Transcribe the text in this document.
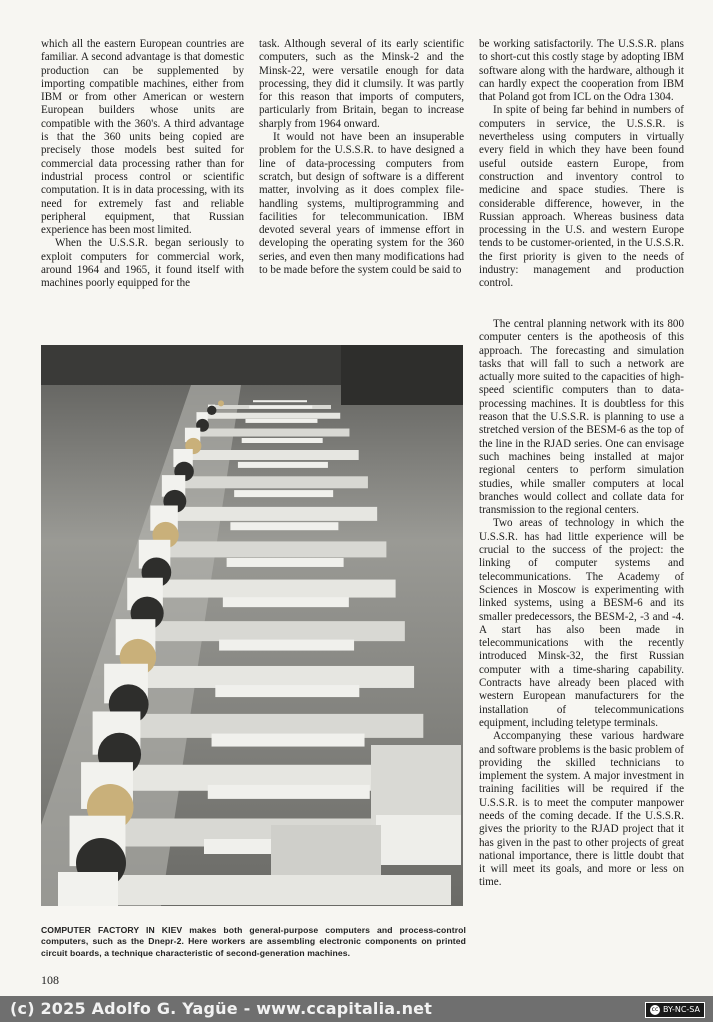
which all the eastern European countries are familiar. A second advantage is that domestic production can be supplemented by importing compatible machines, either from IBM or from other American or western European builders whose units are compatible with the 360's. A third advantage is that the 360 units being copied are precisely those models best suited for commercial data processing rather than for industrial process control or scientific computation. It is in data processing, with its need for extremely fast and reliable peripheral equipment, that Russian experience has been most limited.

When the U.S.S.R. began seriously to exploit computers for commercial work, around 1964 and 1965, it found itself with machines poorly equipped for the

task. Although several of its early scientific computers, such as the Minsk-2 and the Minsk-22, were versatile enough for data processing, they did it clumsily. It was partly for this reason that imports of computers, particularly from Britain, began to increase sharply from 1964 onward.

It would not have been an insuperable problem for the U.S.S.R. to have designed a line of data-processing computers from scratch, but design of software is a different matter, involving as it does complex file-handling systems, multiprogramming and facilities for telecommunication. IBM devoted several years of immense effort in developing the operating system for the 360 series, and even then many modifications had to be made before the system could be said to

be working satisfactorily. The U.S.S.R. plans to short-cut this costly stage by adopting IBM software along with the hardware, although it can hardly expect the cooperation from IBM that Poland got from ICL on the Odra 1304.

In spite of being far behind in numbers of computers in service, the U.S.S.R. is nevertheless using computers in virtually every field in which they have been found useful outside eastern Europe, from construction and inventory control to medicine and space studies. There is considerable difference, however, in the Russian approach. Whereas business data processing in the U.S. and western Europe tends to be customer-oriented, in the U.S.S.R. the first priority is given to the needs of industry: management and production control.

The central planning network with its 800 computer centers is the apotheosis of this approach. The forecasting and simulation tasks that will fall to such a network are actually more suited to the capacities of high-speed scientific computers than to data-processing machines. It is doubtless for this reason that the U.S.S.R. is planning to use a stretched version of the BESM-6 as the top of the line in the RJAD series. One can envisage such machines being installed at major regional centers to perform simulation studies, while smaller computers at local branches would collect and collate data for transmission to the regional centers.

Two areas of technology in which the U.S.S.R. has had little experience will be crucial to the success of the project: the linking of computer systems and telecommunications. The Academy of Sciences in Moscow is experimenting with linked systems, using a BESM-6 and its smaller predecessors, the BESM-2, -3 and -4. A start has also been made in telecommunications with the recently introduced Minsk-32, the first Russian computer with a time-sharing capability. Contracts have already been placed with western European manufacturers for the installation of telecommunications equipment, including teletype terminals.

Accompanying these various hardware and software problems is the basic problem of providing the skilled technicians to implement the system. A major investment in training facilities will be required if the U.S.S.R. is to meet the computer manpower needs of the coming decade. If the U.S.S.R. gives the priority to the RJAD project that it has given in the past to other projects of great national importance, there is little doubt that it will meet its goals, and more or less on time.

COMPUTER FACTORY IN KIEV makes both general-purpose computers and process-control computers, such as the Dnepr-2. Here workers are assembling electronic components on printed circuit boards, a technique characteristic of second-generation machines.
108
(c) 2025 Adolfo G. Yagüe - www.ccapitalia.net	cc BY-NC-SA
